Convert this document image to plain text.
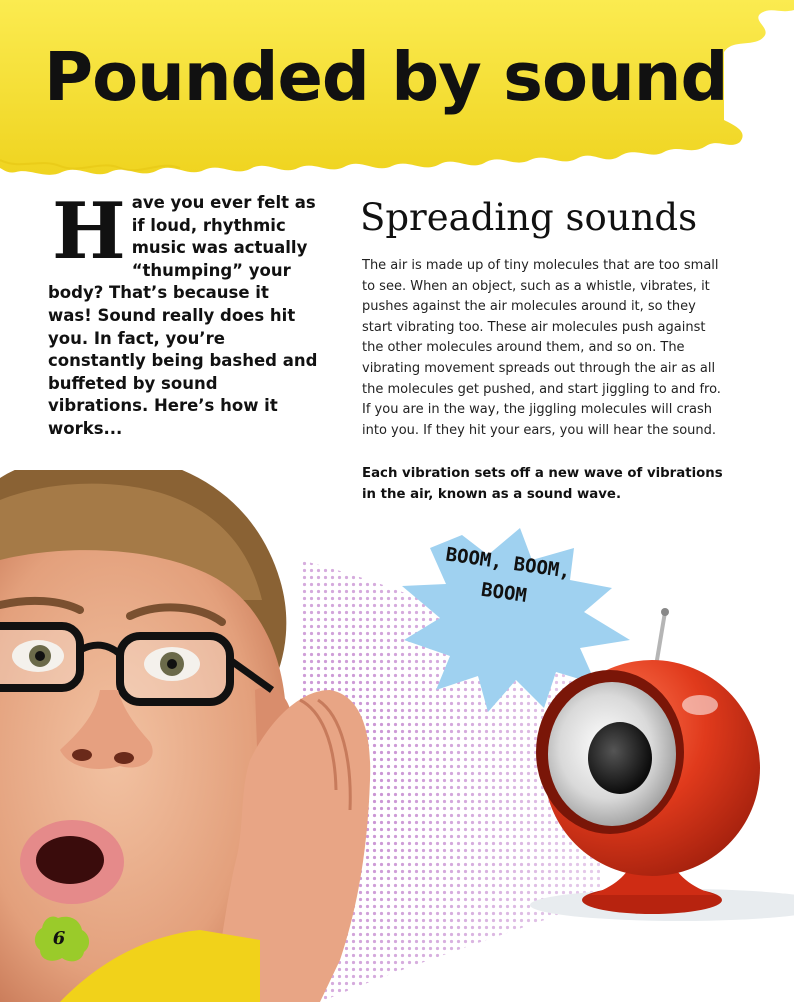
Pounded by sound
Have you ever felt as if loud, rhythmic music was actually “thumping” your body? That’s because it was! Sound really does hit you. In fact, you’re constantly being bashed and buffeted by sound vibrations. Here’s how it works...
Spreading sounds

The air is made up of tiny molecules that are too small to see. When an object, such as a whistle, vibrates, it pushes against the air molecules around it, so they start vibrating too. These air molecules push against the other molecules around them, and so on. The vibrating movement spreads out through the air as all the molecules get pushed, and start jiggling to and fro. If you are in the way, the jiggling molecules will crash into you. If they hit your ears, you will hear the sound.

Each vibration sets off a new wave of vibrations in the air, known as a sound wave.

BOOM, BOOM,
BOOM
6
